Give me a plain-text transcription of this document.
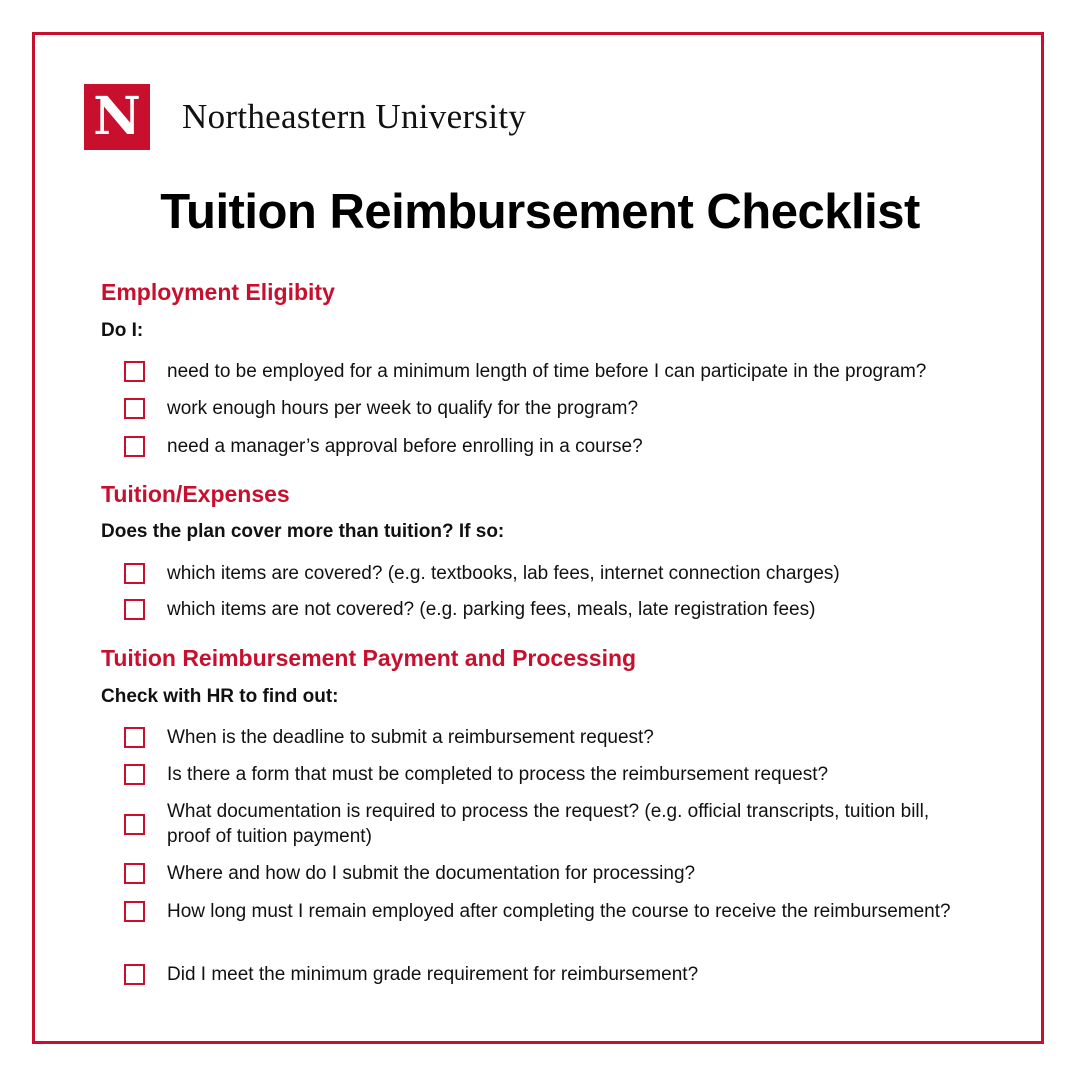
N Northeastern University
Tuition Reimbursement Checklist
Employment Eligibity
Do I:
need to be employed for a minimum length of time before I can participate in the program?
work enough hours per week to qualify for the program?
need a manager’s approval before enrolling in a course?
Tuition/Expenses
Does the plan cover more than tuition? If so:
which items are covered? (e.g. textbooks, lab fees, internet connection charges)
which items are not covered? (e.g. parking fees, meals, late registration fees)
Tuition Reimbursement Payment and Processing
Check with HR to find out:
When is the deadline to submit a reimbursement request?
Is there a form that must be completed to process the reimbursement request?
What documentation is required to process the request? (e.g. official transcripts, tuition bill, proof of tuition payment)
Where and how do I submit the documentation for processing?
How long must I remain employed after completing the course to receive the reimbursement?
Did I meet the minimum grade requirement for reimbursement?
